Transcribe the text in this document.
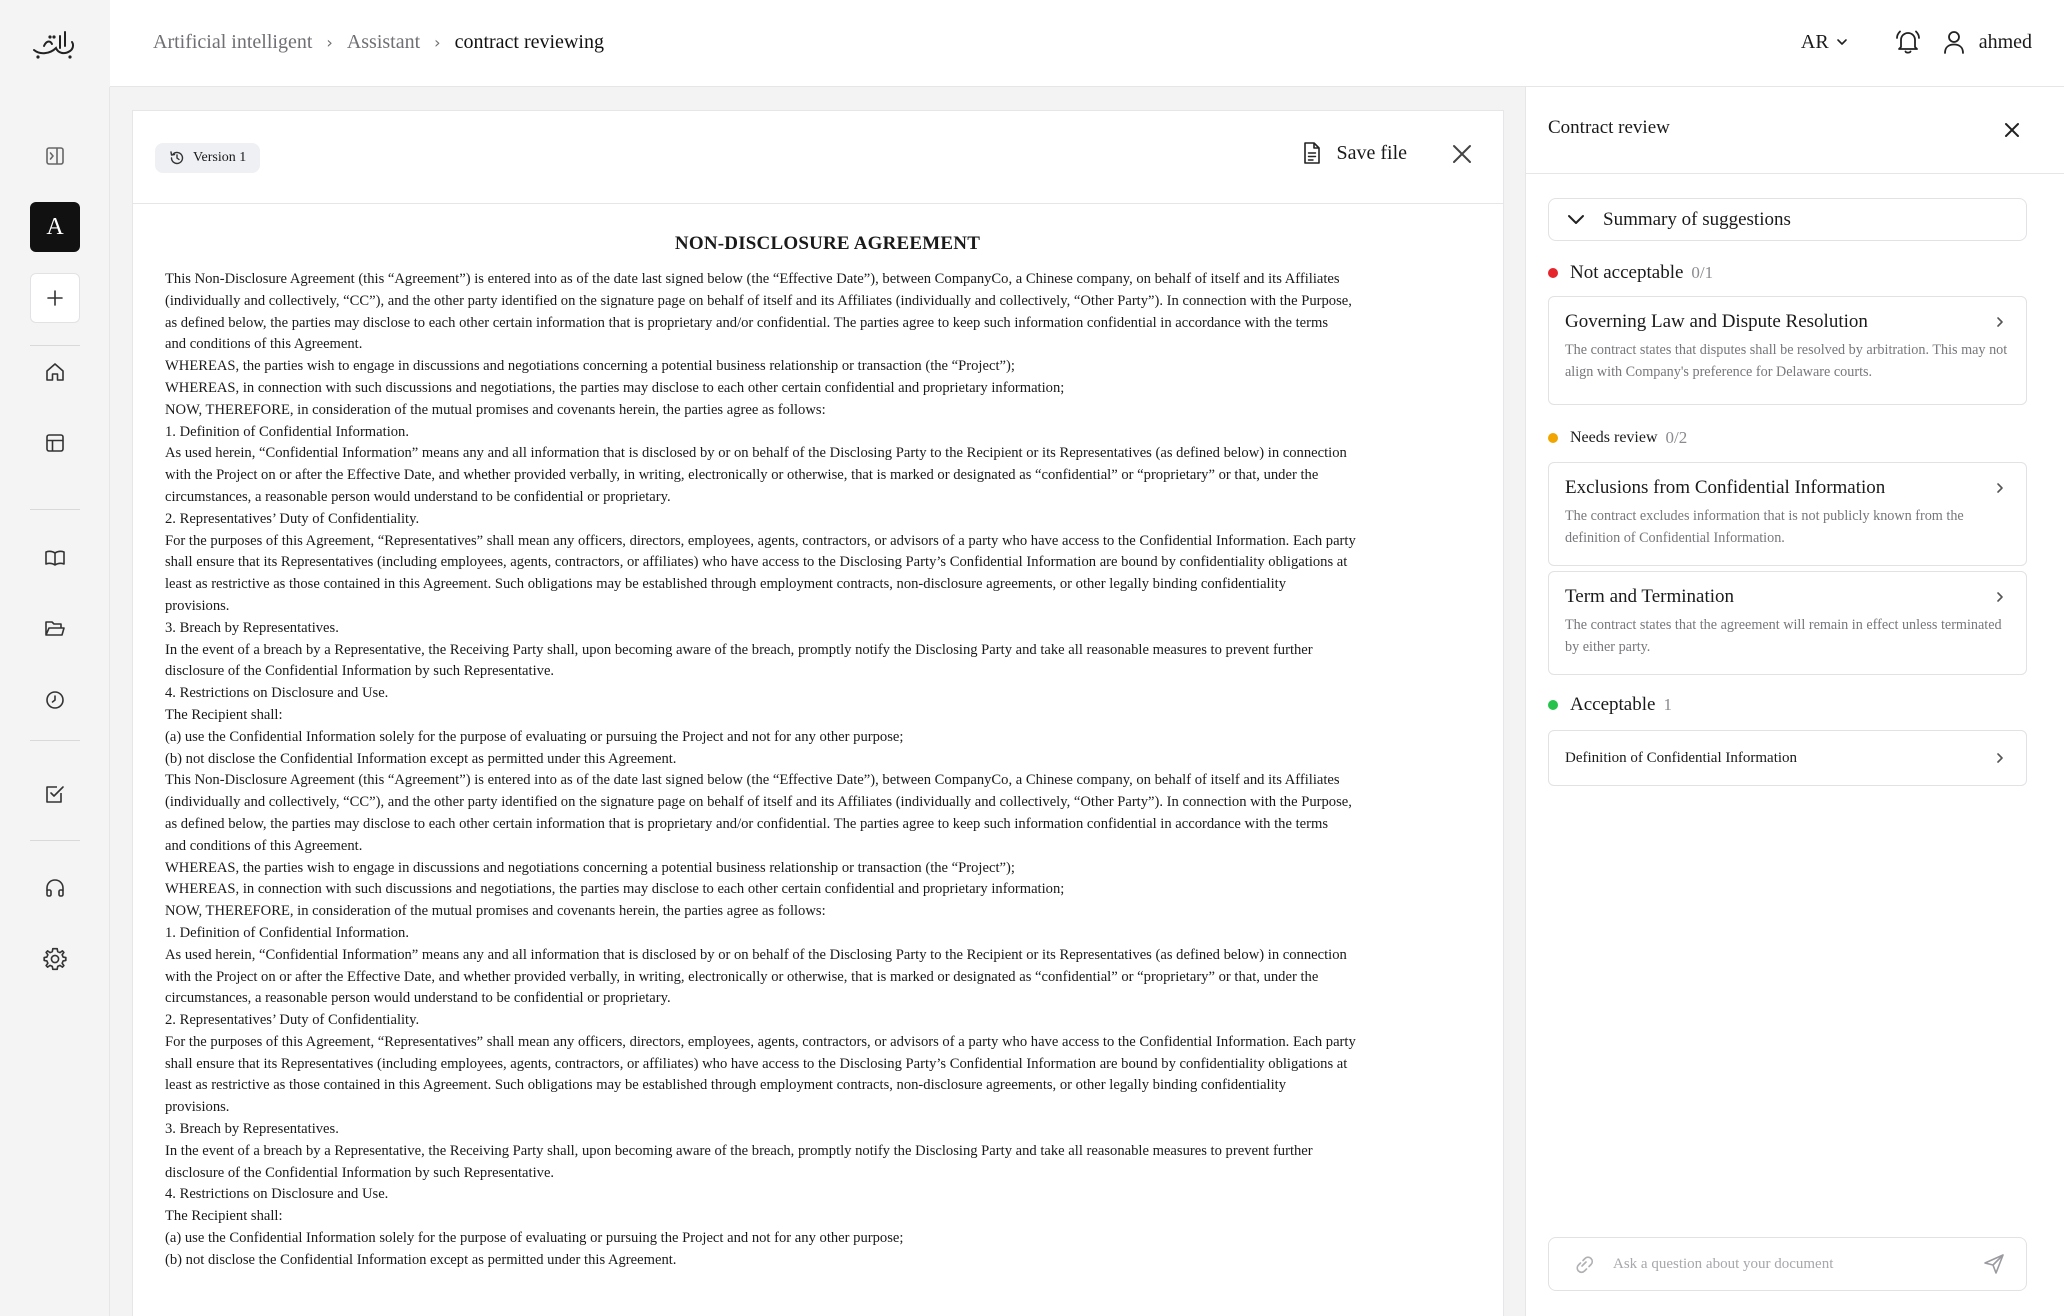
Artificial intelligent › Assistant › contract reviewing	AR	ahmed
A
Version 1	Save file
NON-DISCLOSURE AGREEMENT
This Non-Disclosure Agreement (this “Agreement”) is entered into as of the date last signed below (the “Effective Date”), between CompanyCo, a Chinese company, on behalf of itself and its Affiliates
(individually and collectively, “CC”), and the other party identified on the signature page on behalf of itself and its Affiliates (individually and collectively, “Other Party”). In connection with the Purpose,
as defined below, the parties may disclose to each other certain information that is proprietary and/or confidential. The parties agree to keep such information confidential in accordance with the terms
and conditions of this Agreement.
WHEREAS, the parties wish to engage in discussions and negotiations concerning a potential business relationship or transaction (the “Project”);
WHEREAS, in connection with such discussions and negotiations, the parties may disclose to each other certain confidential and proprietary information;
NOW, THEREFORE, in consideration of the mutual promises and covenants herein, the parties agree as follows:
1. Definition of Confidential Information.
As used herein, “Confidential Information” means any and all information that is disclosed by or on behalf of the Disclosing Party to the Recipient or its Representatives (as defined below) in connection
with the Project on or after the Effective Date, and whether provided verbally, in writing, electronically or otherwise, that is marked or designated as “confidential” or “proprietary” or that, under the
circumstances, a reasonable person would understand to be confidential or proprietary.
2. Representatives’ Duty of Confidentiality.
For the purposes of this Agreement, “Representatives” shall mean any officers, directors, employees, agents, contractors, or advisors of a party who have access to the Confidential Information. Each party
shall ensure that its Representatives (including employees, agents, contractors, or affiliates) who have access to the Disclosing Party’s Confidential Information are bound by confidentiality obligations at
least as restrictive as those contained in this Agreement. Such obligations may be established through employment contracts, non-disclosure agreements, or other legally binding confidentiality
provisions.
3. Breach by Representatives.
In the event of a breach by a Representative, the Receiving Party shall, upon becoming aware of the breach, promptly notify the Disclosing Party and take all reasonable measures to prevent further
disclosure of the Confidential Information by such Representative.
4. Restrictions on Disclosure and Use.
The Recipient shall:
(a) use the Confidential Information solely for the purpose of evaluating or pursuing the Project and not for any other purpose;
(b) not disclose the Confidential Information except as permitted under this Agreement.
This Non-Disclosure Agreement (this “Agreement”) is entered into as of the date last signed below (the “Effective Date”), between CompanyCo, a Chinese company, on behalf of itself and its Affiliates
(individually and collectively, “CC”), and the other party identified on the signature page on behalf of itself and its Affiliates (individually and collectively, “Other Party”). In connection with the Purpose,
as defined below, the parties may disclose to each other certain information that is proprietary and/or confidential. The parties agree to keep such information confidential in accordance with the terms
and conditions of this Agreement.
WHEREAS, the parties wish to engage in discussions and negotiations concerning a potential business relationship or transaction (the “Project”);
WHEREAS, in connection with such discussions and negotiations, the parties may disclose to each other certain confidential and proprietary information;
NOW, THEREFORE, in consideration of the mutual promises and covenants herein, the parties agree as follows:
1. Definition of Confidential Information.
As used herein, “Confidential Information” means any and all information that is disclosed by or on behalf of the Disclosing Party to the Recipient or its Representatives (as defined below) in connection
with the Project on or after the Effective Date, and whether provided verbally, in writing, electronically or otherwise, that is marked or designated as “confidential” or “proprietary” or that, under the
circumstances, a reasonable person would understand to be confidential or proprietary.
2. Representatives’ Duty of Confidentiality.
For the purposes of this Agreement, “Representatives” shall mean any officers, directors, employees, agents, contractors, or advisors of a party who have access to the Confidential Information. Each party
shall ensure that its Representatives (including employees, agents, contractors, or affiliates) who have access to the Disclosing Party’s Confidential Information are bound by confidentiality obligations at
least as restrictive as those contained in this Agreement. Such obligations may be established through employment contracts, non-disclosure agreements, or other legally binding confidentiality
provisions.
3. Breach by Representatives.
In the event of a breach by a Representative, the Receiving Party shall, upon becoming aware of the breach, promptly notify the Disclosing Party and take all reasonable measures to prevent further
disclosure of the Confidential Information by such Representative.
4. Restrictions on Disclosure and Use.
The Recipient shall:
(a) use the Confidential Information solely for the purpose of evaluating or pursuing the Project and not for any other purpose;
(b) not disclose the Confidential Information except as permitted under this Agreement.
Contract review
Summary of suggestions
Not acceptable 0/1
Governing Law and Dispute Resolution
The contract states that disputes shall be resolved by arbitration. This may not align with Company's preference for Delaware courts.
Needs review 0/2
Exclusions from Confidential Information
The contract excludes information that is not publicly known from the definition of Confidential Information.
Term and Termination
The contract states that the agreement will remain in effect unless terminated by either party.
Acceptable 1
Definition of Confidential Information
Ask a question about your document
